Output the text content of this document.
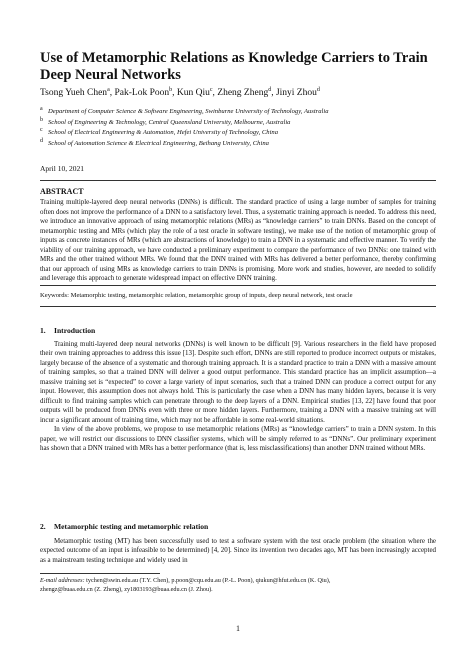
Use of Metamorphic Relations as Knowledge Carriers to Train Deep Neural Networks
Tsong Yueh Chen$^a$, Pak-Lok Poon$^b$, Kun Qiu$^c$, Zheng Zheng$^d$, Jinyi Zhou$^d$
a Department of Computer Science & Software Engineering, Swinburne University of Technology, Australia
b School of Engineering & Technology, Central Queensland University, Melbourne, Australia
c School of Electrical Engineering & Automation, Hefei University of Technology, China
d School of Automation Science & Electrical Engineering, Beihang University, China
April 10, 2021
ABSTRACT
Training multiple-layered deep neural networks (DNNs) is difficult. The standard practice of using a large number of samples for training often does not improve the performance of a DNN to a satisfactory level. Thus, a systematic training approach is needed. To address this need, we introduce an innovative approach of using metamorphic relations (MRs) as “knowledge carriers” to train DNNs. Based on the concept of metamorphic testing and MRs (which play the role of a test oracle in software testing), we make use of the notion of metamorphic group of inputs as concrete instances of MRs (which are abstractions of knowledge) to train a DNN in a systematic and effective manner. To verify the viability of our training approach, we have conducted a preliminary experiment to compare the performance of two DNNs: one trained with MRs and the other trained without MRs. We found that the DNN trained with MRs has delivered a better performance, thereby confirming that our approach of using MRs as knowledge carriers to train DNNs is promising. More work and studies, however, are needed to solidify and leverage this approach to generate widespread impact on effective DNN training.
Keywords: Metamorphic testing, metamorphic relation, metamorphic group of inputs, deep neural network, test oracle
1. Introduction

Training multi-layered deep neural networks (DNNs) is well known to be difficult [9]. Various researchers in the field have proposed their own training approaches to address this issue [13]. Despite such effort, DNNs are still reported to produce incorrect outputs or mistakes, largely because of the absence of a systematic and thorough training approach. It is a standard practice to train a DNN with a massive amount of training samples, so that a trained DNN will deliver a good output performance. This standard practice has an implicit assumption—a massive training set is “expected” to cover a large variety of input scenarios, such that a trained DNN can produce a correct output for any input. However, this assumption does not always hold. This is particularly the case when a DNN has many hidden layers, because it is very difficult to find training samples which can penetrate through to the deep layers of a DNN. Empirical studies [13, 22] have found that poor outputs will be produced from DNNs even with three or more hidden layers. Furthermore, training a DNN with a massive training set will incur a significant amount of training time, which may not be affordable in some real-world situations.

In view of the above problems, we propose to use metamorphic relations (MRs) as “knowledge carriers” to train a DNN system. In this paper, we will restrict our discussions to DNN classifier systems, which will be simply referred to as “DNNs”. Our preliminary experiment has shown that a DNN trained with MRs has a better performance (that is, less misclassifications) than another DNN trained without MRs.

2. Metamorphic testing and metamorphic relation

Metamorphic testing (MT) has been successfully used to test a software system with the test oracle problem (the situation where the expected outcome of an input is infeasible to be determined) [4, 20]. Since its invention two decades ago, MT has been increasingly accepted as a mainstream testing technique and widely used in

E-mail addresses: tychen@swin.edu.au (T.Y. Chen), p.poon@cqu.edu.au (P.-L. Poon), qiukun@hfut.edu.cn (K. Qiu),
zhengz@buaa.edu.cn (Z. Zheng), zy1803193@buaa.edu.cn (J. Zhou).
1
